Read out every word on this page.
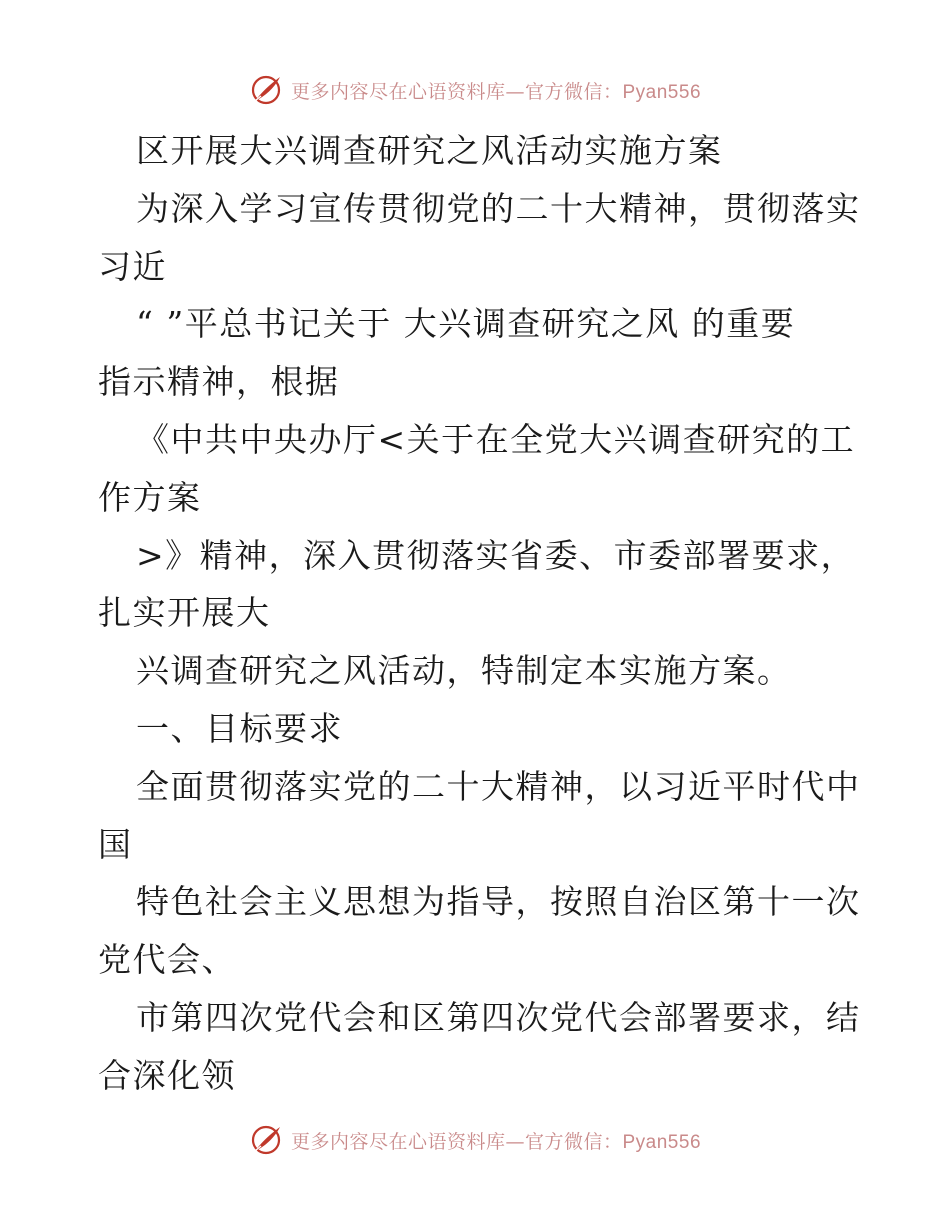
更多内容尽在心语资料库—官方微信：Pyan556
区开展大兴调查研究之风活动实施方案
为深入学习宣传贯彻党的二十大精神，贯彻落实
习近
“ ”平总书记关于 大兴调查研究之风 的重要
指示精神，根据
《中共中央办厅<关于在全党大兴调查研究的工
作方案
>》精神，深入贯彻落实省委、市委部署要求，
扎实开展大
兴调查研究之风活动，特制定本实施方案。
一、目标要求
全面贯彻落实党的二十大精神，以习近平时代中
国
特色社会主义思想为指导，按照自治区第十一次
党代会、
市第四次党代会和区第四次党代会部署要求，结
合深化领
更多内容尽在心语资料库—官方微信：Pyan556
